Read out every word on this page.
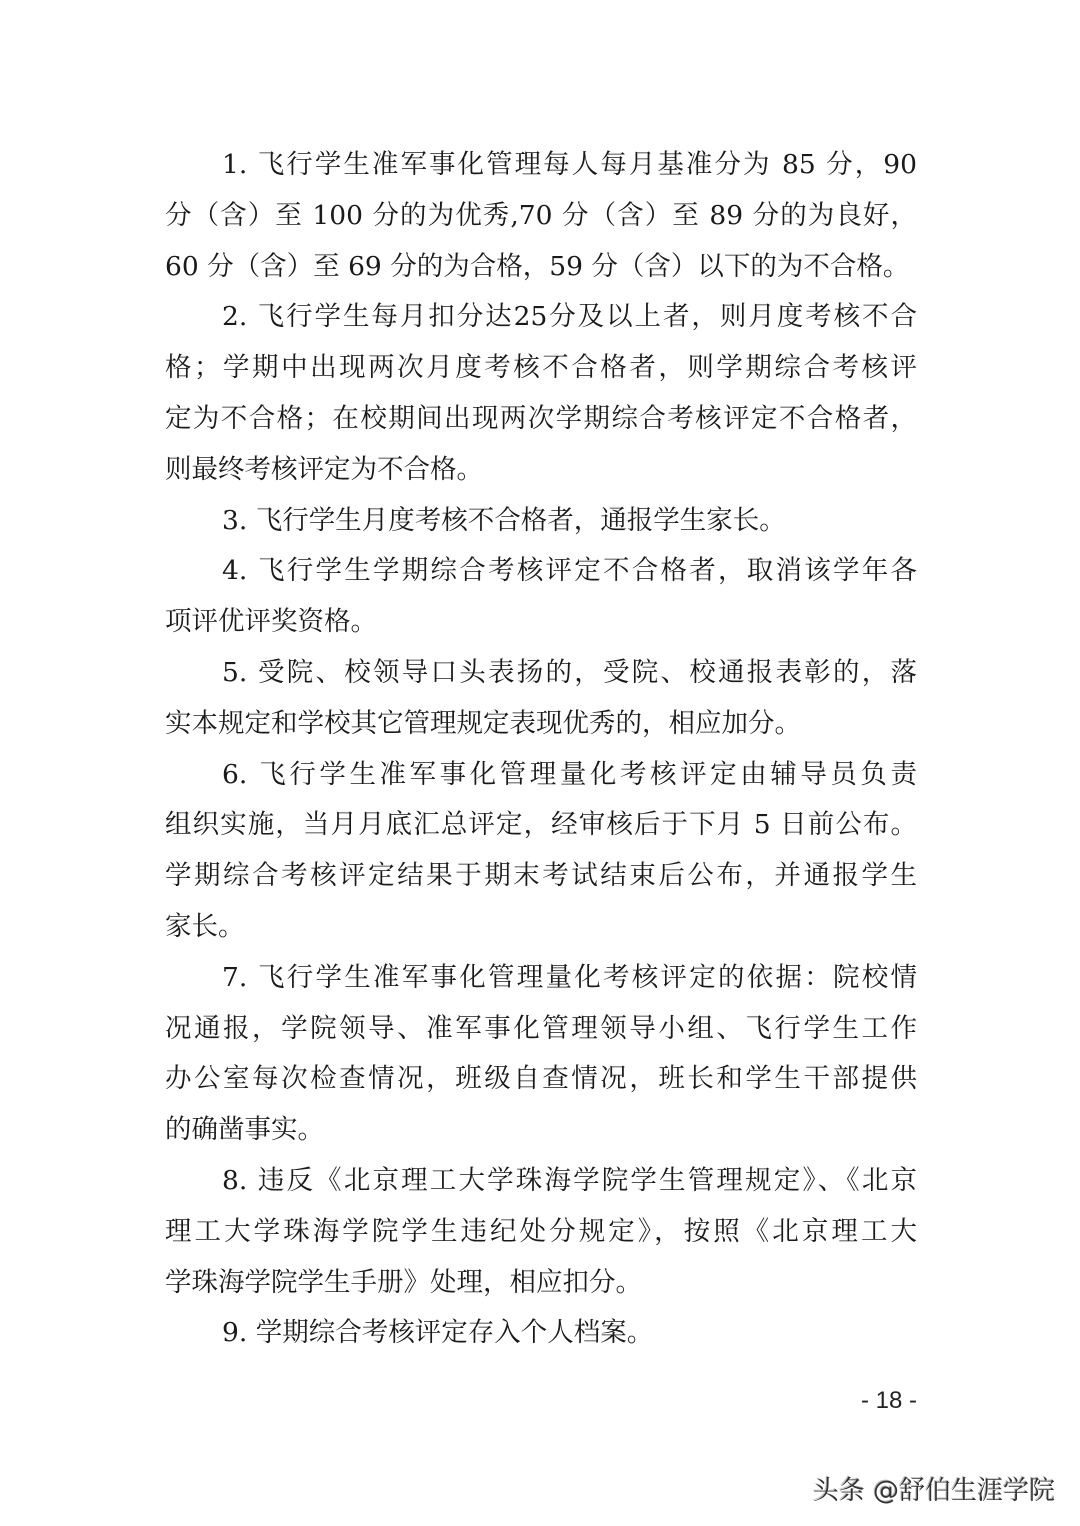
1. 飞行学生准军事化管理每人每月基准分为 85 分，90
分（含）至 100 分的为优秀,70 分（含）至 89 分的为良好，
60 分（含）至 69 分的为合格，59 分（含）以下的为不合格。
2. 飞行学生每月扣分达25分及以上者，则月度考核不合
格；学期中出现两次月度考核不合格者，则学期综合考核评
定为不合格；在校期间出现两次学期综合考核评定不合格者，
则最终考核评定为不合格。
3. 飞行学生月度考核不合格者，通报学生家长。
4. 飞行学生学期综合考核评定不合格者，取消该学年各
项评优评奖资格。
5. 受院、校领导口头表扬的，受院、校通报表彰的，落
实本规定和学校其它管理规定表现优秀的，相应加分。
6. 飞行学生准军事化管理量化考核评定由辅导员负责
组织实施，当月月底汇总评定，经审核后于下月 5 日前公布。
学期综合考核评定结果于期末考试结束后公布，并通报学生
家长。
7. 飞行学生准军事化管理量化考核评定的依据：院校情
况通报，学院领导、准军事化管理领导小组、飞行学生工作
办公室每次检查情况，班级自查情况，班长和学生干部提供
的确凿事实。
8. 违反《北京理工大学珠海学院学生管理规定》、《北京
理工大学珠海学院学生违纪处分规定》，按照《北京理工大
学珠海学院学生手册》处理，相应扣分。
9. 学期综合考核评定存入个人档案。
- 18 -
头条 @舒伯生涯学院
